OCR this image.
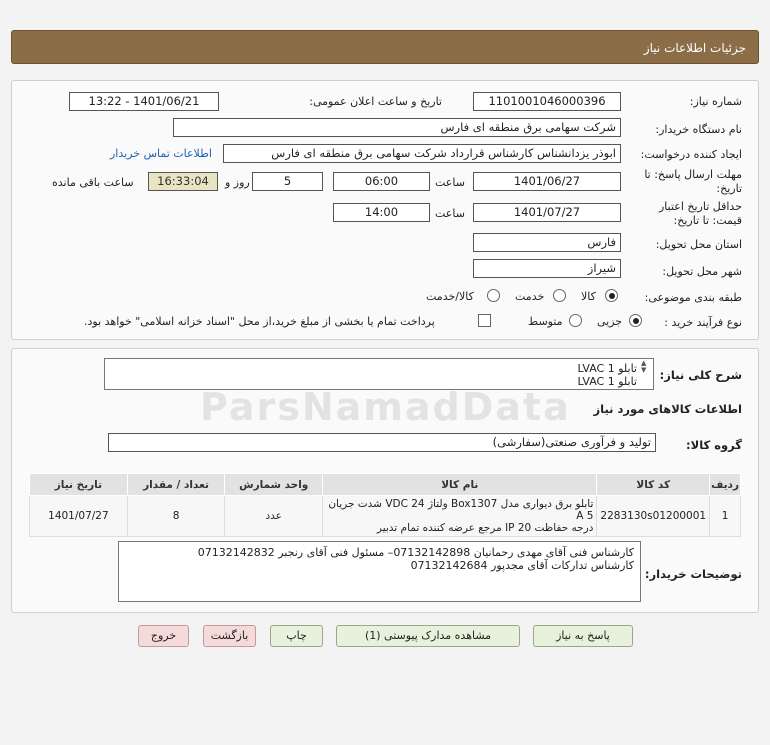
جزئیات اطلاعات نیاز
شماره نیاز:
1101001046000396
تاریخ و ساعت اعلان عمومی:
1401/06/21 - 13:22
نام دستگاه خریدار:
شرکت سهامی برق منطقه ای فارس
ایجاد کننده درخواست:
ابوذر یزدانشناس کارشناس قرارداد شرکت سهامی برق منطقه ای فارس
اطلاعات تماس خریدار
مهلت ارسال پاسخ: تا تاریخ:
1401/06/27
ساعت
06:00
5
روز و
16:33:04
ساعت باقی مانده
حداقل تاریخ اعتبار قیمت: تا تاریخ:
1401/07/27
ساعت
14:00
استان محل تحویل:
فارس
شهر محل تحویل:
شیراز
طبقه بندی موضوعی:
کالا
خدمت
کالا/خدمت
نوع فرآیند خرید :
جزیی
متوسط
پرداخت تمام یا بخشی از مبلغ خرید،از محل "اسناد خزانه اسلامی" خواهد بود.
شرح کلی نیاز:
تابلو LVAC 1
تابلو LVAC 1
▲
▼
اطلاعات کالاهای مورد نیاز
گروه کالا:
تولید و فرآوری صنعتی(سفارشی)
ردیف	کد کالا	نام کالا	واحد شمارش	تعداد / مقدار	تاریخ نیاز
1	2283130s01200001	تابلو برق دیواری مدل Box1307 ولتاژ VDC 24 شدت جریان A 5
درجه حفاظت IP 20 مرجع عرضه کننده تمام تدبیر	عدد	8	1401/07/27
توضیحات خریدار:
کارشناس فنی آقای مهدی رحمانیان 07132142898– مسئول فنی آقای رنجبر 07132142832
کارشناس تدارکات آقای مجدپور 07132142684
پاسخ به نیاز
مشاهده مدارک پیوستی (1)
چاپ
بازگشت
خروج
